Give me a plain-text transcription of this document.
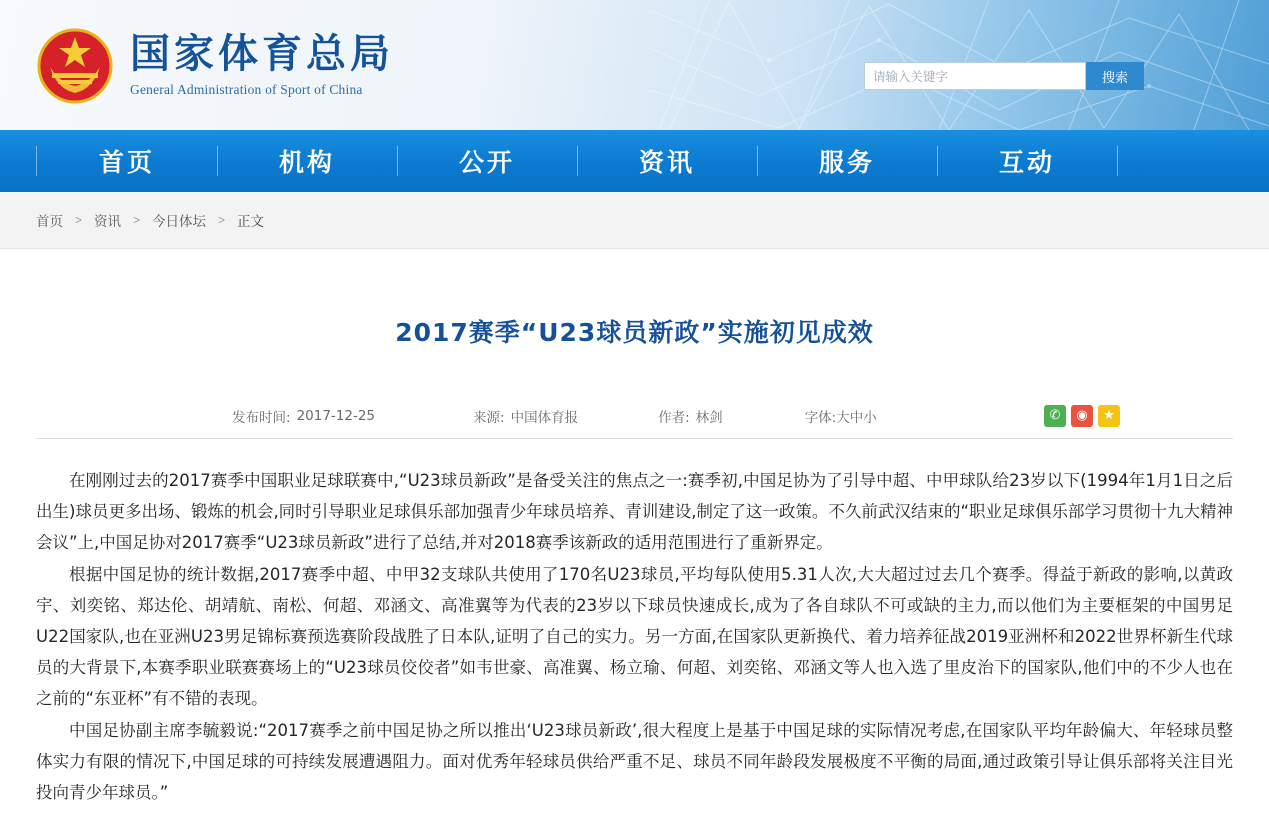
国家体育总局
General Administration of Sport of China
请输入关键字
搜索
首页	机构	公开	资讯	服务	互动
首页 > 资讯 > 今日体坛 > 正文
2017赛季“U23球员新政”实施初见成效
发布时间: 2017-12-25	来源: 中国体育报	作者: 林剑	字体: 大 中 小	✆	◉	★

在刚刚过去的2017赛季中国职业足球联赛中,“U23球员新政”是备受关注的焦点之一:赛季初,中国足协为了引导中超、中甲球队给23岁以下(1994年1月1日之后出生)球员更多出场、锻炼的机会,同时引导职业足球俱乐部加强青少年球员培养、青训建设,制定了这一政策。不久前武汉结束的“职业足球俱乐部学习贯彻十九大精神会议”上,中国足协对2017赛季“U23球员新政”进行了总结,并对2018赛季该新政的适用范围进行了重新界定。

根据中国足协的统计数据,2017赛季中超、中甲32支球队共使用了170名U23球员,平均每队使用5.31人次,大大超过过去几个赛季。得益于新政的影响,以黄政宇、刘奕铭、郑达伦、胡靖航、南松、何超、邓涵文、高准翼等为代表的23岁以下球员快速成长,成为了各自球队不可或缺的主力,而以他们为主要框架的中国男足U22国家队,也在亚洲U23男足锦标赛预选赛阶段战胜了日本队,证明了自己的实力。另一方面,在国家队更新换代、着力培养征战2019亚洲杯和2022世界杯新生代球员的大背景下,本赛季职业联赛赛场上的“U23球员佼佼者”如韦世豪、高准翼、杨立瑜、何超、刘奕铭、邓涵文等人也入选了里皮治下的国家队,他们中的不少人也在之前的“东亚杯”有不错的表现。

中国足协副主席李毓毅说:“2017赛季之前中国足协之所以推出‘U23球员新政’,很大程度上是基于中国足球的实际情况考虑,在国家队平均年龄偏大、年轻球员整体实力有限的情况下,中国足球的可持续发展遭遇阻力。面对优秀年轻球员供给严重不足、球员不同年龄段发展极度不平衡的局面,通过政策引导让俱乐部将关注目光投向青少年球员。”
